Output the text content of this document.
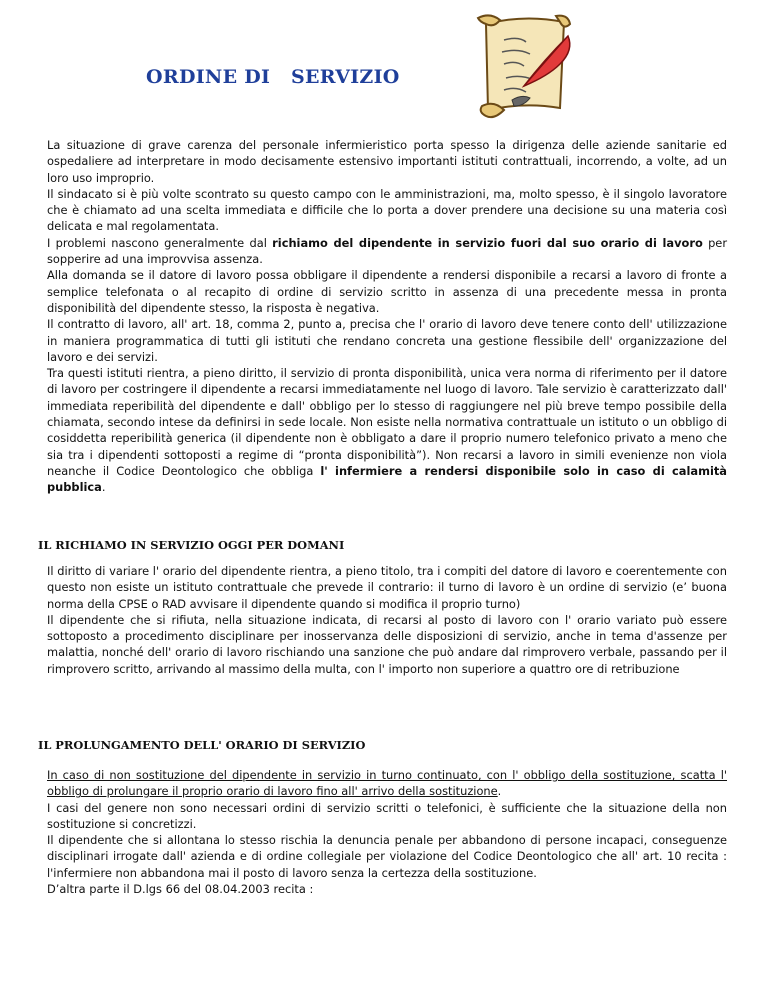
ORDINE DI   SERVIZIO

La situazione di grave carenza del personale infermieristico porta spesso la dirigenza delle aziende sanitarie ed ospedaliere ad interpretare in modo decisamente estensivo importanti istituti contrattuali, incorrendo, a volte, ad un loro uso improprio.

Il sindacato si è più volte scontrato su questo campo con le amministrazioni, ma, molto spesso, è il singolo lavoratore che è chiamato ad una scelta immediata e difficile che lo porta a dover prendere una decisione su una materia così delicata e mal regolamentata.

I problemi nascono generalmente dal richiamo del dipendente in servizio fuori dal suo orario di lavoro per sopperire ad una improvvisa assenza.

Alla domanda se il datore di lavoro possa obbligare il dipendente a rendersi disponibile a recarsi a lavoro di fronte a semplice telefonata o al recapito di ordine di servizio scritto in assenza di una precedente messa in pronta disponibilità del dipendente stesso, la risposta è negativa.

Il contratto di lavoro, all' art. 18, comma 2, punto a, precisa che l' orario di lavoro deve tenere conto dell' utilizzazione in maniera programmatica di tutti gli istituti che rendano concreta una gestione flessibile dell' organizzazione del lavoro e dei servizi.

Tra questi istituti rientra, a pieno diritto, il servizio di pronta disponibilità, unica vera norma di riferimento per il datore di lavoro per costringere il dipendente a recarsi immediatamente nel luogo di lavoro. Tale servizio è caratterizzato dall' immediata reperibilità del dipendente e dall' obbligo per lo stesso di raggiungere nel più breve tempo possibile della chiamata, secondo intese da definirsi in sede locale. Non esiste nella normativa contrattuale un istituto o un obbligo di cosiddetta reperibilità generica (il dipendente non è obbligato a dare il proprio numero telefonico privato a meno che sia tra i dipendenti sottoposti a regime di “pronta disponibilità”). Non recarsi a lavoro in simili evenienze non viola neanche il Codice Deontologico che obbliga l' infermiere a rendersi disponibile solo in caso di calamità pubblica.

IL RICHIAMO IN SERVIZIO OGGI PER DOMANI

Il diritto di variare l' orario del dipendente rientra, a pieno titolo, tra i compiti del datore di lavoro e coerentemente con questo non esiste un istituto contrattuale che prevede il contrario: il turno di lavoro è un ordine di servizio (e’ buona norma della CPSE o RAD avvisare il dipendente quando si modifica il proprio turno)

Il dipendente che si rifiuta, nella situazione indicata, di recarsi al posto di lavoro con l' orario variato può essere sottoposto a procedimento disciplinare per inosservanza delle disposizioni di servizio, anche in tema d'assenze per malattia, nonché dell' orario di lavoro rischiando una sanzione che può andare dal rimprovero verbale, passando per il rimprovero scritto, arrivando al massimo della multa, con l' importo non superiore a quattro ore di retribuzione

IL PROLUNGAMENTO DELL' ORARIO DI SERVIZIO

In caso di non sostituzione del dipendente in servizio in turno continuato, con l' obbligo della sostituzione, scatta l' obbligo di prolungare il proprio orario di lavoro fino all' arrivo della sostituzione.

I casi del genere non sono necessari ordini di servizio scritti o telefonici, è sufficiente che la situazione della non sostituzione si concretizzi.

Il dipendente che si allontana lo stesso rischia la denuncia penale per abbandono di persone incapaci, conseguenze disciplinari irrogate dall' azienda e di ordine collegiale per violazione del Codice Deontologico che all' art. 10 recita : l'infermiere non abbandona mai il posto di lavoro senza la certezza della sostituzione.

D’altra parte il D.lgs 66 del 08.04.2003 recita :
